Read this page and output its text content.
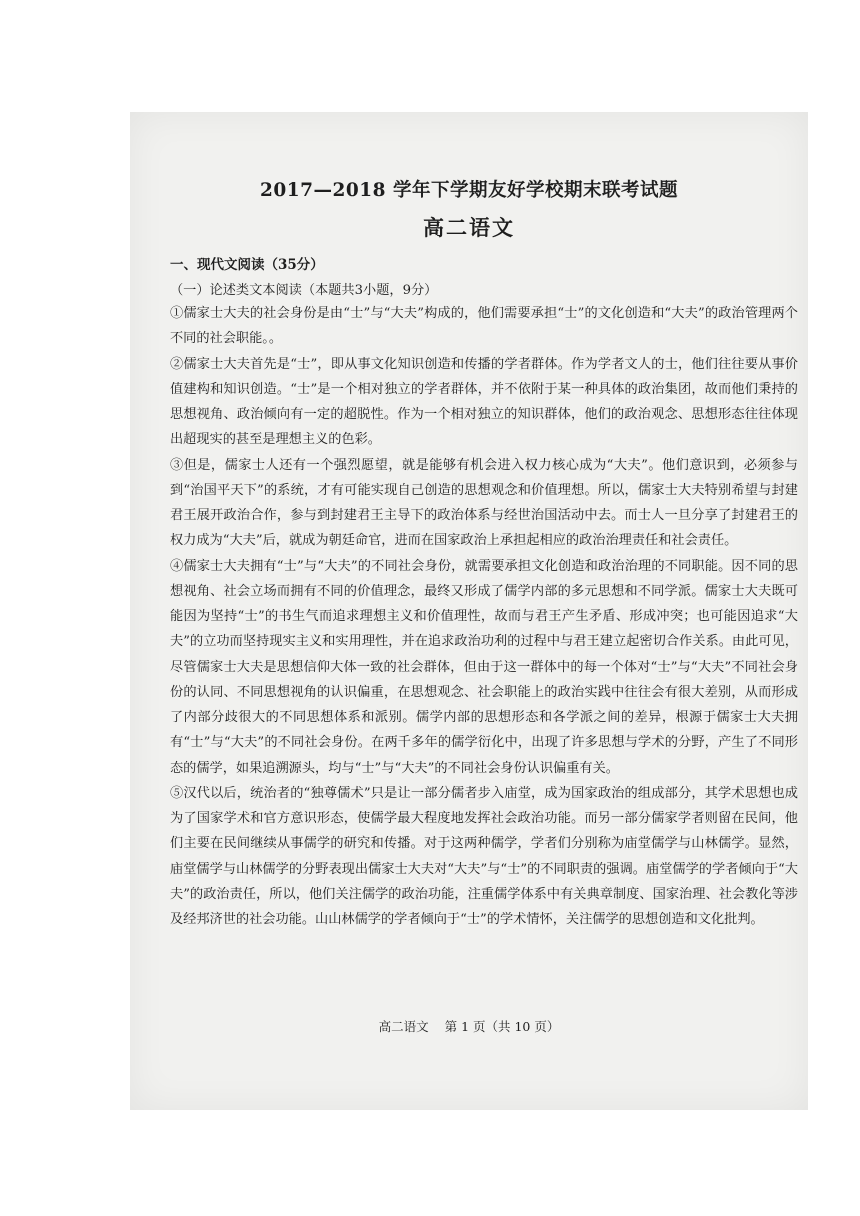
2017—2018 学年下学期友好学校期末联考试题
高二语文
一、现代文阅读（35分）
（一）论述类文本阅读（本题共3小题，9分）

①儒家士大夫的社会身份是由“士”与“大夫”构成的，他们需要承担“士”的文化创造和“大夫”的政治管理两个不同的社会职能。。

②儒家士大夫首先是“士”，即从事文化知识创造和传播的学者群体。作为学者文人的士，他们往往要从事价值建构和知识创造。“士”是一个相对独立的学者群体，并不依附于某一种具体的政治集团，故而他们秉持的思想视角、政治倾向有一定的超脱性。作为一个相对独立的知识群体，他们的政治观念、思想形态往往体现出超现实的甚至是理想主义的色彩。

③但是，儒家士人还有一个强烈愿望，就是能够有机会进入权力核心成为“大夫”。他们意识到，必须参与到“治国平天下”的系统，才有可能实现自己创造的思想观念和价值理想。所以，儒家士大夫特别希望与封建君王展开政治合作，参与到封建君王主导下的政治体系与经世治国活动中去。而士人一旦分享了封建君王的权力成为“大夫”后，就成为朝廷命官，进而在国家政治上承担起相应的政治治理责任和社会责任。

④儒家士大夫拥有“士”与“大夫”的不同社会身份，就需要承担文化创造和政治治理的不同职能。因不同的思想视角、社会立场而拥有不同的价值理念，最终又形成了儒学内部的多元思想和不同学派。儒家士大夫既可能因为坚持“士”的书生气而追求理想主义和价值理性，故而与君王产生矛盾、形成冲突；也可能因追求“大夫”的立功而坚持现实主义和实用理性，并在追求政治功利的过程中与君王建立起密切合作关系。由此可见，尽管儒家士大夫是思想信仰大体一致的社会群体，但由于这一群体中的每一个体对“士”与“大夫”不同社会身份的认同、不同思想视角的认识偏重，在思想观念、社会职能上的政治实践中往往会有很大差别，从而形成了内部分歧很大的不同思想体系和派别。儒学内部的思想形态和各学派之间的差异，根源于儒家士大夫拥有“士”与“大夫”的不同社会身份。在两千多年的儒学衍化中，出现了许多思想与学术的分野，产生了不同形态的儒学，如果追溯源头，均与“士”与“大夫”的不同社会身份认识偏重有关。

⑤汉代以后，统治者的“独尊儒术”只是让一部分儒者步入庙堂，成为国家政治的组成部分，其学术思想也成为了国家学术和官方意识形态，使儒学最大程度地发挥社会政治功能。而另一部分儒家学者则留在民间，他们主要在民间继续从事儒学的研究和传播。对于这两种儒学，学者们分别称为庙堂儒学与山林儒学。显然，庙堂儒学与山林儒学的分野表现出儒家士大夫对“大夫”与“士”的不同职责的强调。庙堂儒学的学者倾向于“大夫”的政治责任，所以，他们关注儒学的政治功能，注重儒学体系中有关典章制度、国家治理、社会教化等涉及经邦济世的社会功能。山山林儒学的学者倾向于“士”的学术情怀，关注儒学的思想创造和文化批判。

高二语文 第 1 页（共 10 页）
